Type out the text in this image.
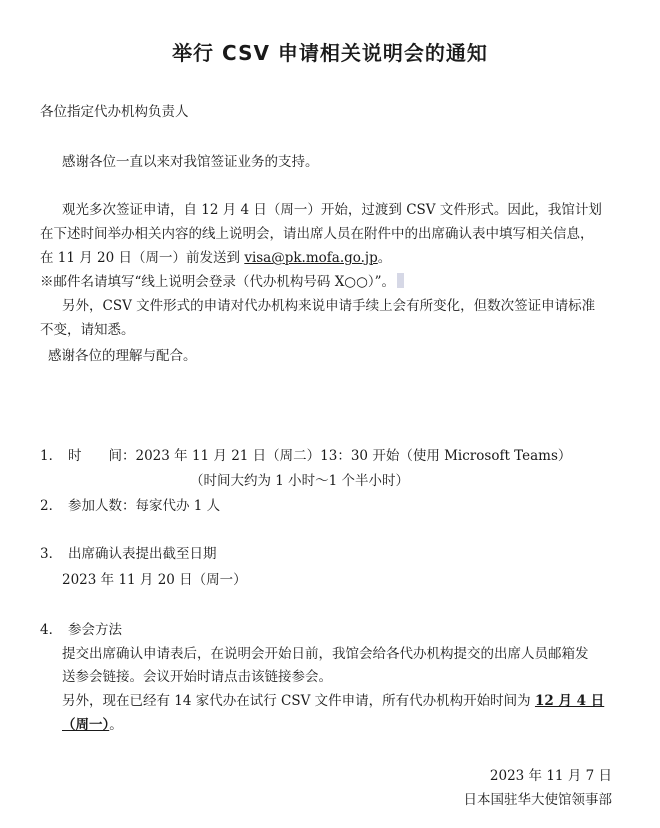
举行 CSV 申请相关说明会的通知
各位指定代办机构负责人
感谢各位一直以来对我馆签证业务的支持。
观光多次签证申请，自 12 月 4 日（周一）开始，过渡到 CSV 文件形式。因此，我馆计划
在下述时间举办相关内容的线上说明会，请出席人员在附件中的出席确认表中填写相关信息，
在 11 月 20 日（周一）前发送到 visa@pk.mofa.go.jp。
※邮件名请填写“线上说明会登录（代办机构号码 X○○）”。
另外，CSV 文件形式的申请对代办机构来说申请手续上会有所变化，但数次签证申请标准
不变，请知悉。
感谢各位的理解与配合。
1． 时　　间：2023 年 11 月 21 日（周二）13：30 开始（使用 Microsoft Teams）
（时间大约为 1 小时〜1 个半小时）
2． 参加人数：每家代办 1 人
3． 出席确认表提出截至日期
2023 年 11 月 20 日（周一）
4． 参会方法
提交出席确认申请表后，在说明会开始日前，我馆会给各代办机构提交的出席人员邮箱发
送参会链接。会议开始时请点击该链接参会。
另外，现在已经有 14 家代办在试行 CSV 文件申请，所有代办机构开始时间为 12 月 4 日
（周一）。
2023 年 11 月 7 日
日本国驻华大使馆领事部
